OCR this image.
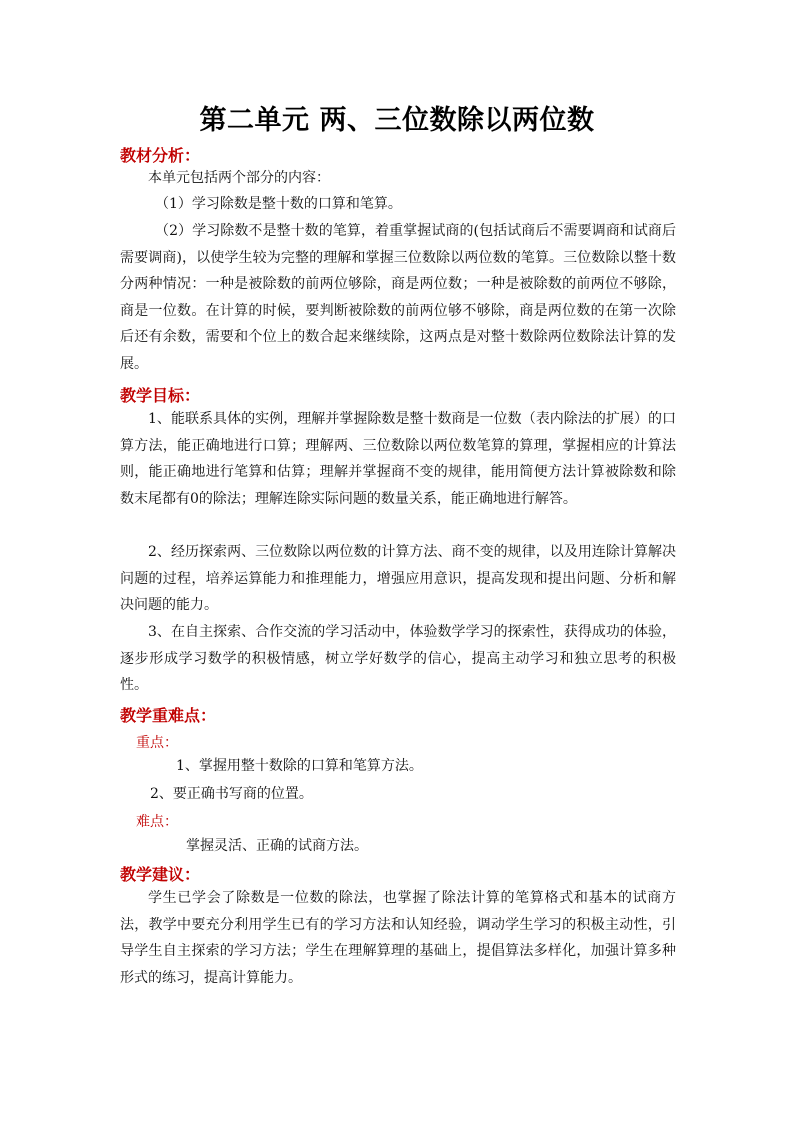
第二单元 两、三位数除以两位数
教材分析：
本单元包括两个部分的内容：
（1）学习除数是整十数的口算和笔算。
（2）学习除数不是整十数的笔算，着重掌握试商的(包括试商后不需要调商和试商后需要调商)，以使学生较为完整的理解和掌握三位数除以两位数的笔算。三位数除以整十数分两种情况：一种是被除数的前两位够除，商是两位数；一种是被除数的前两位不够除，商是一位数。在计算的时候，要判断被除数的前两位够不够除，商是两位数的在第一次除后还有余数，需要和个位上的数合起来继续除，这两点是对整十数除两位数除法计算的发展。
教学目标：
1、能联系具体的实例，理解并掌握除数是整十数商是一位数（表内除法的扩展）的口算方法，能正确地进行口算；理解两、三位数除以两位数笔算的算理，掌握相应的计算法则，能正确地进行笔算和估算；理解并掌握商不变的规律，能用简便方法计算被除数和除数末尾都有0的除法；理解连除实际问题的数量关系，能正确地进行解答。
2、经历探索两、三位数除以两位数的计算方法、商不变的规律，以及用连除计算解决问题的过程，培养运算能力和推理能力，增强应用意识，提高发现和提出问题、分析和解决问题的能力。
3、在自主探索、合作交流的学习活动中，体验数学学习的探索性，获得成功的体验，逐步形成学习数学的积极情感，树立学好数学的信心，提高主动学习和独立思考的积极性。
教学重难点：
重点：
1、掌握用整十数除的口算和笔算方法。
2、要正确书写商的位置。
难点：
掌握灵活、正确的试商方法。
教学建议：
学生已学会了除数是一位数的除法，也掌握了除法计算的笔算格式和基本的试商方法，教学中要充分利用学生已有的学习方法和认知经验，调动学生学习的积极主动性，引导学生自主探索的学习方法；学生在理解算理的基础上，提倡算法多样化，加强计算多种形式的练习，提高计算能力。
